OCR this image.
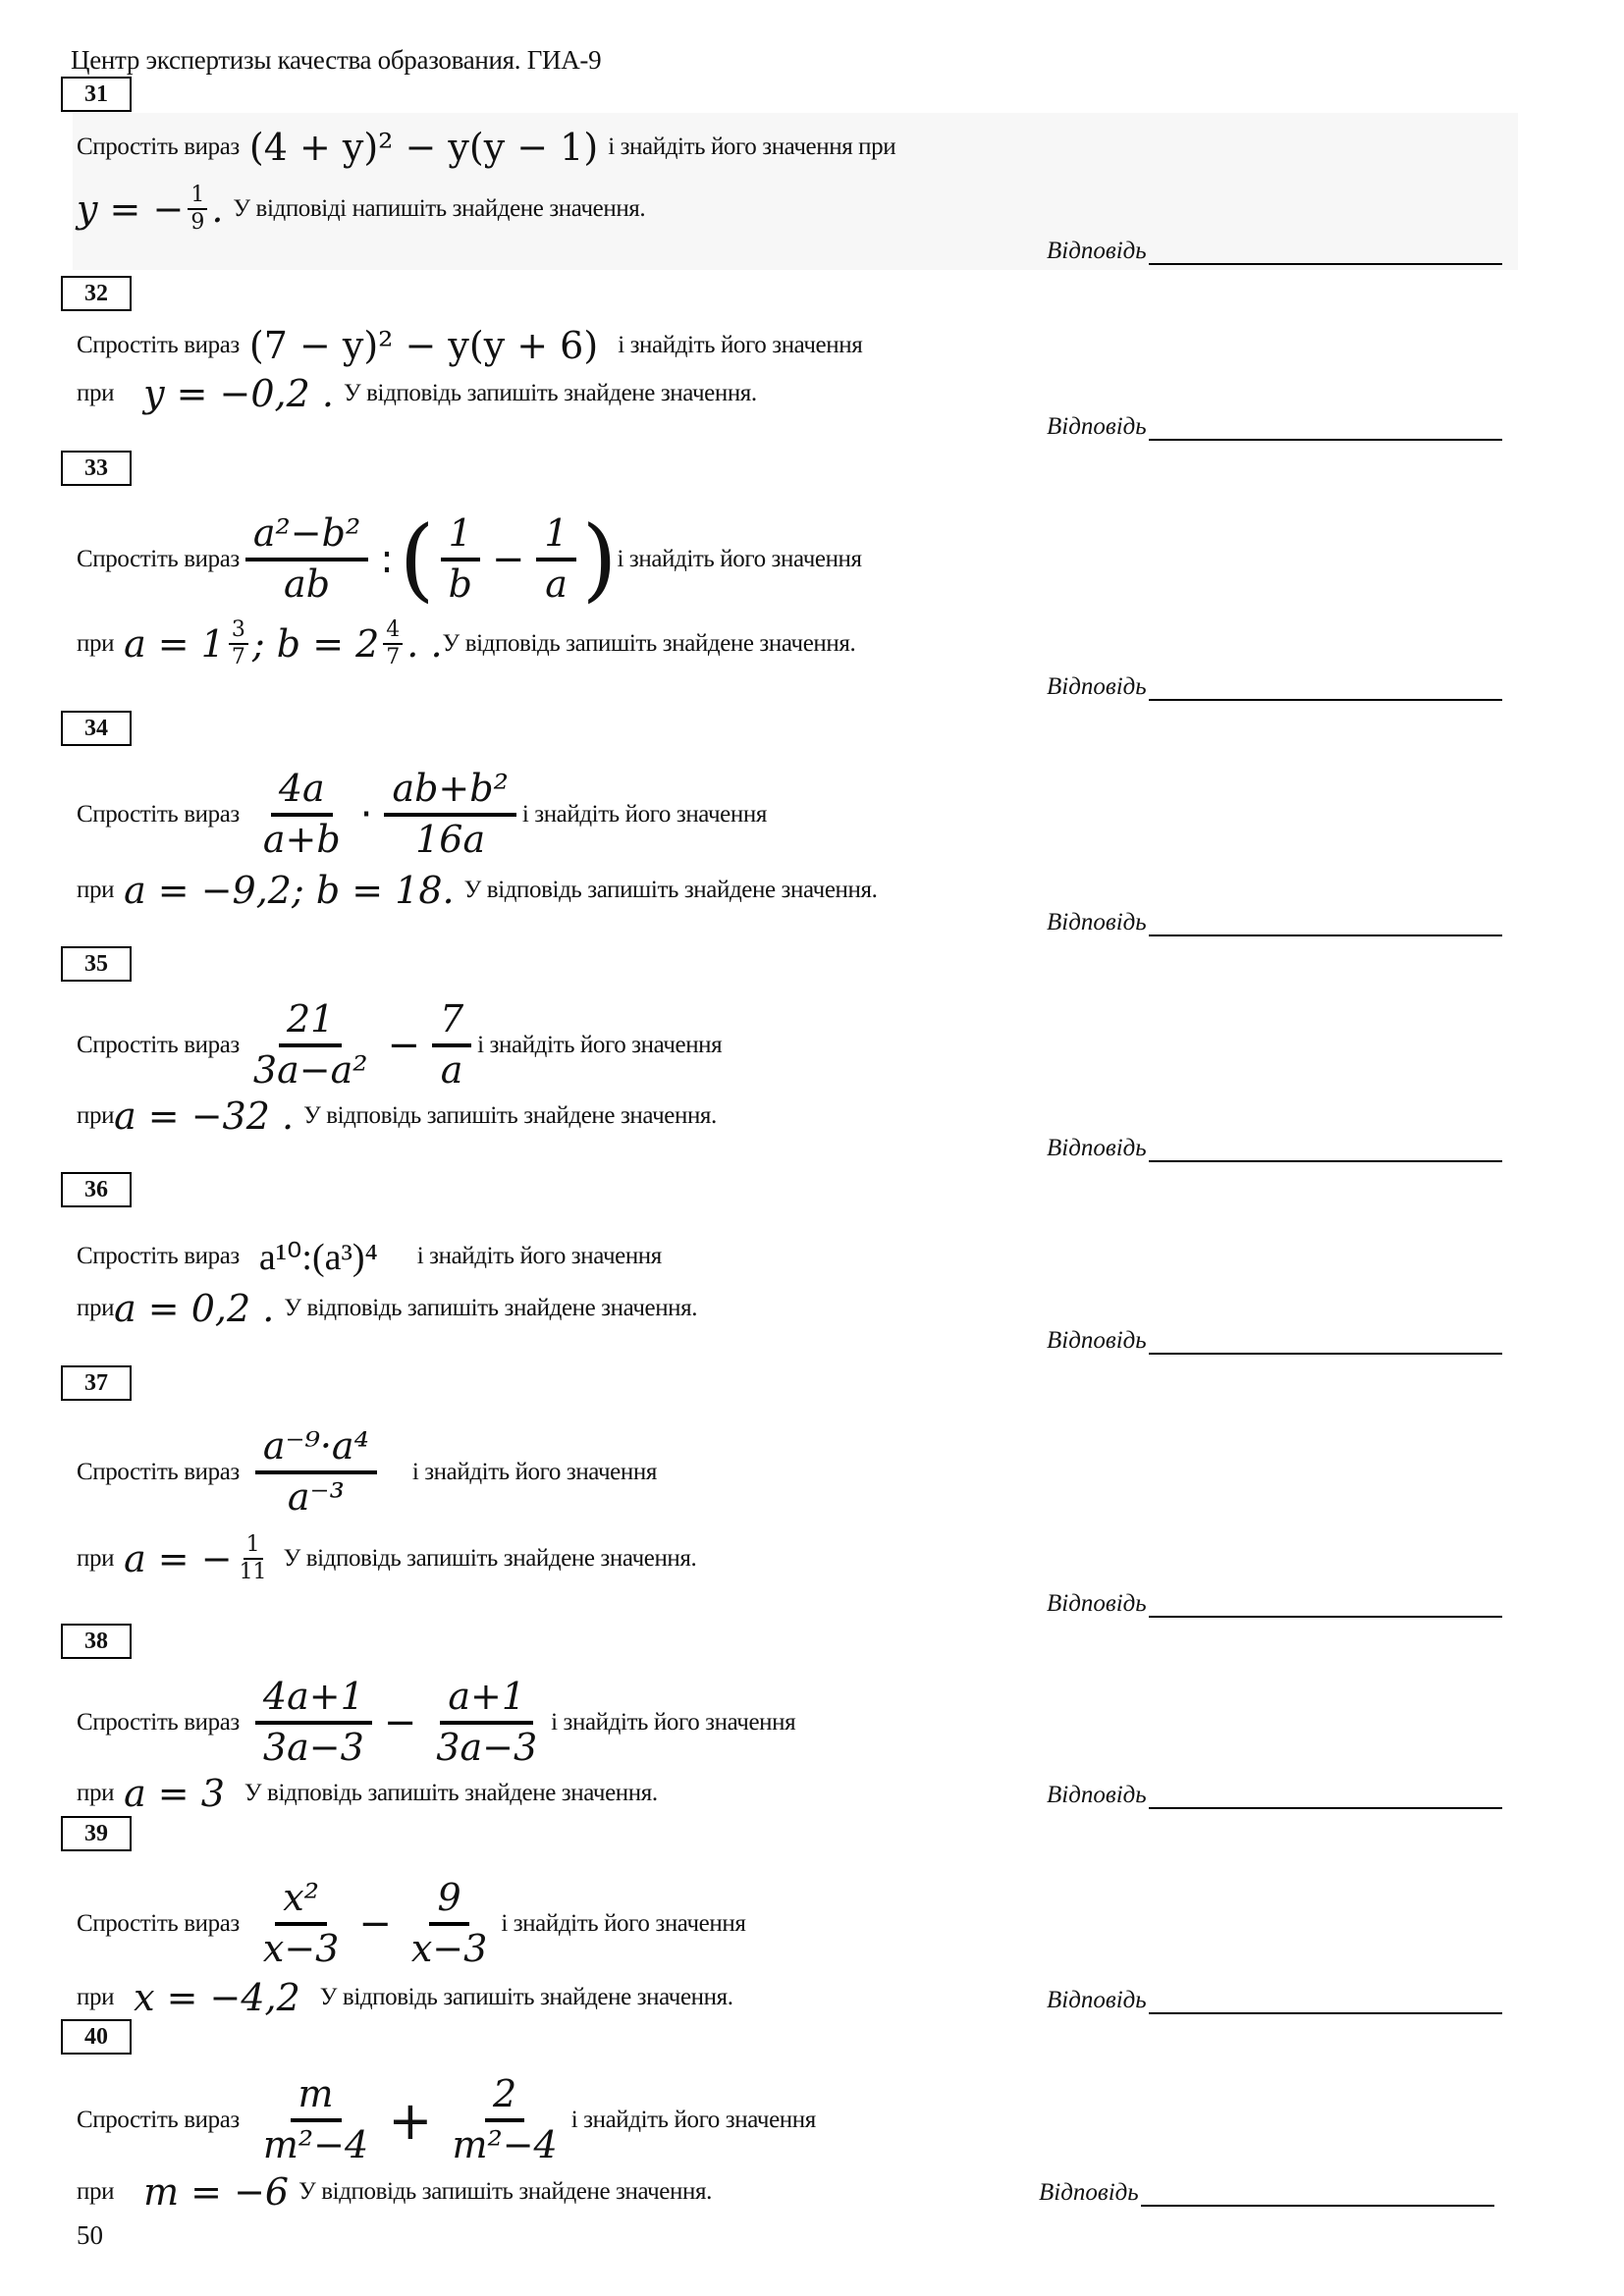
Центр экспертизы качества образования. ГИА-9
31
Спростіть вираз (4 + y)² − y(y − 1) і знайдіть його значення при
y = − $\frac{1}{9}$ . У відповіді напишіть знайдене значення.
Відповідь
32
Спростіть вираз (7 − y)² − y(y + 6) і знайдіть його значення
при y = −0,2 . У відповідь запишіть знайдене значення.
Відповідь
33
Спростіть вираз $\frac{\text{a²−b²}}{ab}$ : ( $\frac{1}{b} - \frac{1}{a}$ ) і знайдіть його значення
при $a = 1 \frac{3}{7}$ ; $b = 2 \frac{4}{7}$ . . У відповідь запишіть знайдене значення.
Відповідь
34
Спростіть вираз $\frac{4a}{a+b} \cdot \frac{\text{ab+b²}}{16a}$ і знайдіть його значення
при a = −9,2; b = 18. У відповідь запишіть знайдене значення.
Відповідь
35
Спростіть вираз $\frac{21}{\text{3a−a²}} - \frac{7}{a}$ і знайдіть його значення
при a = −32 . У відповідь запишіть знайдене значення.
Відповідь
36
Спростіть вираз a¹⁰:(a³)⁴ і знайдіть його значення
при a = 0,2 . У відповідь запишіть знайдене значення.
Відповідь
37
Спростіть вираз $\frac{\text{a⁻⁹·a⁴}}{\text{a⁻³}}$ і знайдіть його значення
при a = − $\frac{1}{11}$ У відповідь запишіть знайдене значення.
Відповідь
38
Спростіть вираз $\frac{4a+1}{3a-3} - \frac{a+1}{3a-3}$ і знайдіть його значення
при a = 3 У відповідь запишіть знайдене значення.	Відповідь
39
Спростіть вираз $\frac{\text{x²}}{x-3} - \frac{9}{x-3}$ і знайдіть його значення
при x = −4,2 У відповідь запишіть знайдене значення.	Відповідь
40
Спростіть вираз $\frac{m}{\text{m²−4}} + \frac{2}{\text{m²−4}}$ і знайдіть його значення
при m = −6 У відповідь запишіть знайдене значення.	Відповідь
50
